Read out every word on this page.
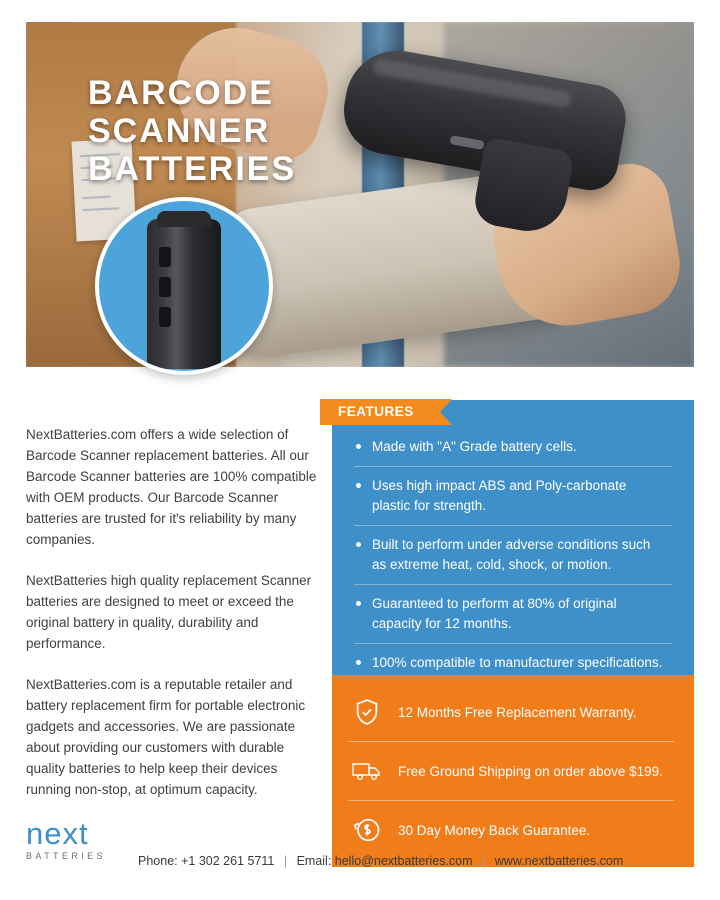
BARCODE
SCANNER
BATTERIES

NextBatteries.com offers a wide selection of Barcode Scanner replacement batteries. All our Barcode Scanner batteries are 100% compatible with OEM products. Our Barcode Scanner batteries are trusted for it's reliability by many companies.

NextBatteries high quality replacement Scanner batteries are designed to meet or exceed the original battery in quality, durability and performance.

NextBatteries.com is a reputable retailer and battery replacement firm for portable electronic gadgets and accessories. We are passionate about providing our customers with durable quality batteries to help keep their devices running non-stop, at optimum capacity.

Made with "A" Grade battery cells.
Uses high impact ABS and Poly-carbonate plastic for strength.
Built to perform under adverse conditions such as extreme heat, cold, shock, or motion.
Guaranteed to perform at 80% of original capacity for 12 months.
100% compatible to manufacturer specifications.
FEATURES
12 Months Free Replacement Warranty.
Free Ground Shipping on order above $199.
30 Day Money Back Guarantee.
next
BATTERIES	Phone: +1 302 261 5711 | Email: hello@nextbatteries.com | www.nextbatteries.com
